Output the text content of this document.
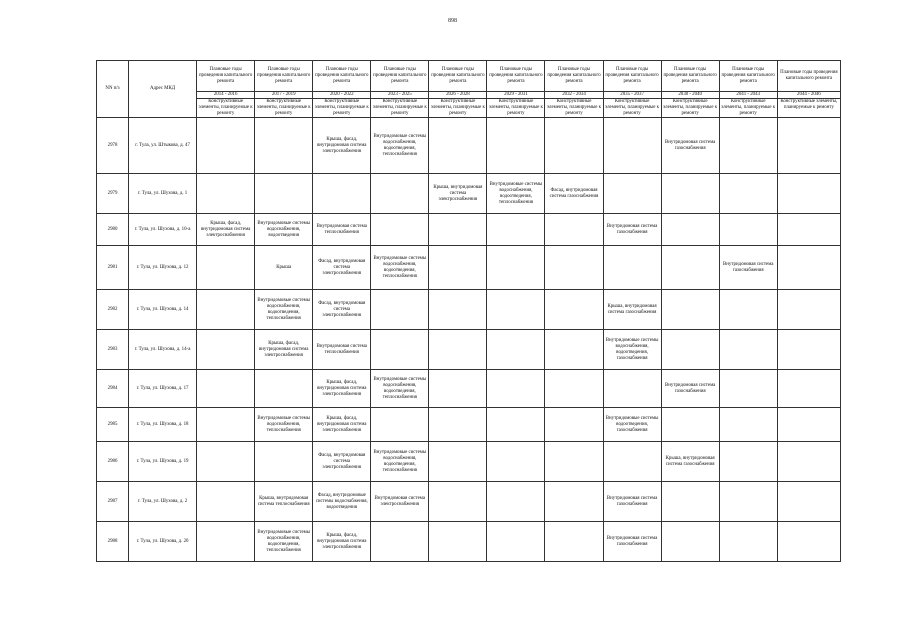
898
NN п/з	Адрес МКД	Плановые годы проведения капитального ремонта	Плановые годы проведения капитального ремонта	Плановые годы проведения капитального ремонта	Плановые годы проведения капитального ремонта	Плановые годы проведения капитального ремонта	Плановые годы проведения капитального ремонта	Плановые годы проведения капитального ремонта	Плановые годы проведения капитального ремонта	Плановые годы проведения капитального ремонта	Плановые годы проведения капитального ремонта	Плановые годы проведения капитального ремонта
		2014 - 2016	2017 - 2019	2020 - 2022	2023 - 2025	2026 - 2028	2029 - 2031	2032 - 2034	2035 - 2037	2038 - 2040	2041 - 2043	2044 - 2046
		Конструктивные элементы, планируемые к ремонту	Конструктивные элементы, планируемые к ремонту	Конструктивные элементы, планируемые к ремонту	Конструктивные элементы, планируемые к ремонту	Конструктивные элементы, планируемые к ремонту	Конструктивные элементы, планируемые к ремонту	Конструктивные элементы, планируемые к ремонту	Конструктивные элементы, планируемые к ремонту	Конструктивные элементы, планируемые к ремонту	Конструктивные элементы, планируемые к ремонту	Конструктивные элементы, планируемые к ремонту
2978	г. Тула, ул. Штыкова, д. 47			Крыша, фасад, внутридомовая система электроснабжения	Внутридомовые системы водоснабжения, водоотведения, теплоснабжения					Внутридомовая система газоснабжения		
2979	г. Тула, ул. Шухова, д. 1					Крыша, внутридомовая система электроснабжения	Внутридомовые системы водоснабжения, водоотведения, теплоснабжения	Фасад, внутридомовая система газоснабжения				
2980	г. Тула, ул. Шухова, д. 10-а	Крыша, фасад, внутридомовая система электроснабжения	Внутридомовые системы водоснабжения, водоотведения	Внутридомовая система теплоснабжения					Внутридомовая система газоснабжения			
2981	г. Тула, ул. Шухова, д. 12		Крыша	Фасад, внутридомовая система электроснабжения	Внутридомовые системы водоснабжения, водоотведения, теплоснабжения						Внутридомовая система газоснабжения	
2982	г. Тула, ул. Шухова, д. 14		Внутридомовые системы водоснабжения, водоотведения, теплоснабжения	Фасад, внутридомовая система электроснабжения					Крыша, внутридомовая система газоснабжения			
2983	г. Тула, ул. Шухова, д. 14-а		Крыша, фасад, внутридомовая система электроснабжения	Внутридомовая система теплоснабжения					Внутридомовые системы водоснабжения, водоотведения, газоснабжения			
2984	г. Тула, ул. Шухова, д. 17			Крыша, фасад, внутридомовая система электроснабжения	Внутридомовые системы водоснабжения, водоотведения, теплоснабжения					Внутридомовая система газоснабжения		
2985	г. Тула, ул. Шухова, д. 18		Внутридомовые системы водоснабжения, теплоснабжения	Крыша, фасад, внутридомовая система электроснабжения					Внутридомовые системы водоотведения, газоснабжения			
2986	г. Тула, ул. Шухова, д. 19			Фасад, внутридомовая система электроснабжения	Внутридомовые системы водоснабжения, водоотведения, теплоснабжения					Крыша, внутридомовая система газоснабжения		
2987	г. Тула, ул. Шухова, д. 2		Крыша, внутридомовая система теплоснабжения	Фасад, внутридомовые системы водоснабжения, водоотведения	Внутридомовая система электроснабжения				Внутридомовая система газоснабжения			
2988	г. Тула, ул. Шухова, д. 20		Внутридомовые системы водоснабжения, водоотведения, теплоснабжения	Крыша, фасад, внутридомовая система электроснабжения					Внутридомовая система газоснабжения			
